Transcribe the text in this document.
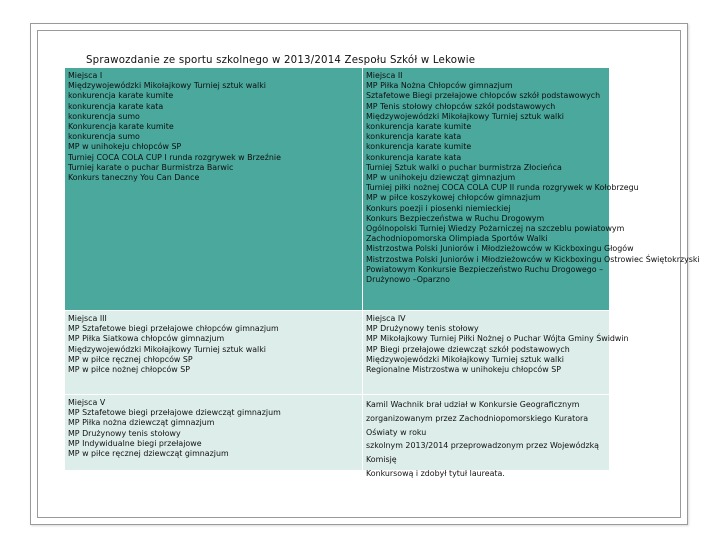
Sprawozdanie ze sportu szkolnego w 2013/2014 Zespołu Szkół w Lekowie
Miejsca I
Międzywojewódzki Mikołajkowy Turniej sztuk walki
konkurencja karate kumite
konkurencja karate kata
konkurencja sumo
Konkurencja karate kumite
konkurencja sumo
MP w unihokeju chłopców SP
Turniej COCA COLA CUP I runda rozgrywek w Brzeźnie
Turniej karate o puchar Burmistrza Barwic
Konkurs taneczny You Can Dance
Miejsca II
MP Piłka Nożna Chłopców gimnazjum
Sztafetowe Biegi przełajowe chłopców szkół podstawowych
MP Tenis stołowy chłopców szkół podstawowych
Międzywojewódzki Mikołajkowy Turniej sztuk walki
konkurencja karate kumite
konkurencja karate kata
konkurencja karate kumite
konkurencja karate kata
Turniej Sztuk walki o puchar burmistrza Złocieńca
MP w unihokeju dziewcząt gimnazjum
Turniej piłki nożnej COCA COLA CUP II runda rozgrywek w Kołobrzegu
MP w piłce koszykowej chłopców gimnazjum
Konkurs poezji i piosenki niemieckiej
Konkurs Bezpieczeństwa w Ruchu Drogowym
Ogólnopolski Turniej Wiedzy Pożarniczej na szczeblu powiatowym
Zachodniopomorska Olimpiada Sportów Walki
Mistrzostwa Polski Juniorów i Młodzieżowców w Kickboxingu Głogów
Mistrzostwa Polski Juniorów i Młodzieżowców w Kickboxingu Ostrowiec Świętokrzyski
Powiatowym Konkursie Bezpieczeństwo Ruchu Drogowego –
Drużynowo –Oparzno
Miejsca III
MP Sztafetowe biegi przełajowe chłopców gimnazjum
MP Piłka Siatkowa chłopców gimnazjum
Międzywojewódzki Mikołajkowy Turniej sztuk walki
MP w piłce ręcznej chłopców SP
MP w piłce nożnej chłopców SP
Miejsca IV
MP Drużynowy tenis stołowy
MP Mikołajkowy Turniej Piłki Nożnej o Puchar Wójta Gminy Świdwin
MP Biegi przełajowe dziewcząt szkół podstawowych
Międzywojewódzki Mikołajkowy Turniej sztuk walki
Regionalne Mistrzostwa w unihokeju chłopców SP
Miejsca V
MP Sztafetowe biegi przełajowe dziewcząt gimnazjum
MP Piłka nożna dziewcząt gimnazjum
MP Drużynowy tenis stołowy
MP Indywidualne biegi przełajowe
MP w piłce ręcznej dziewcząt gimnazjum
Kamil Wachnik brał udział w Konkursie Geograficznym
zorganizowanym przez Zachodniopomorskiego Kuratora Oświaty w roku
szkolnym 2013/2014 przeprowadzonym przez Wojewódzką Komisję
Konkursową i zdobył tytuł laureata.
